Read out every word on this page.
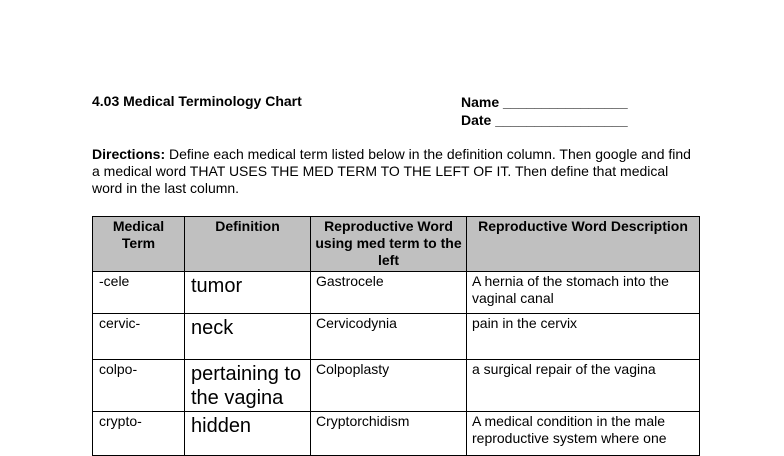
4.03 Medical Terminology Chart	Name ________________
Date _________________
Directions: Define each medical term listed below in the definition column. Then google and find a medical word THAT USES THE MED TERM TO THE LEFT OF IT. Then define that medical word in the last column.
Medical Term	Definition	Reproductive Word using med term to the left	Reproductive Word Description
-cele	tumor	Gastrocele	A hernia of the stomach into the vaginal canal
cervic-	neck	Cervicodynia	pain in the cervix
colpo-	pertaining to the vagina	Colpoplasty	a surgical repair of the vagina
crypto-	hidden	Cryptorchidism	A medical condition in the male reproductive system where one
